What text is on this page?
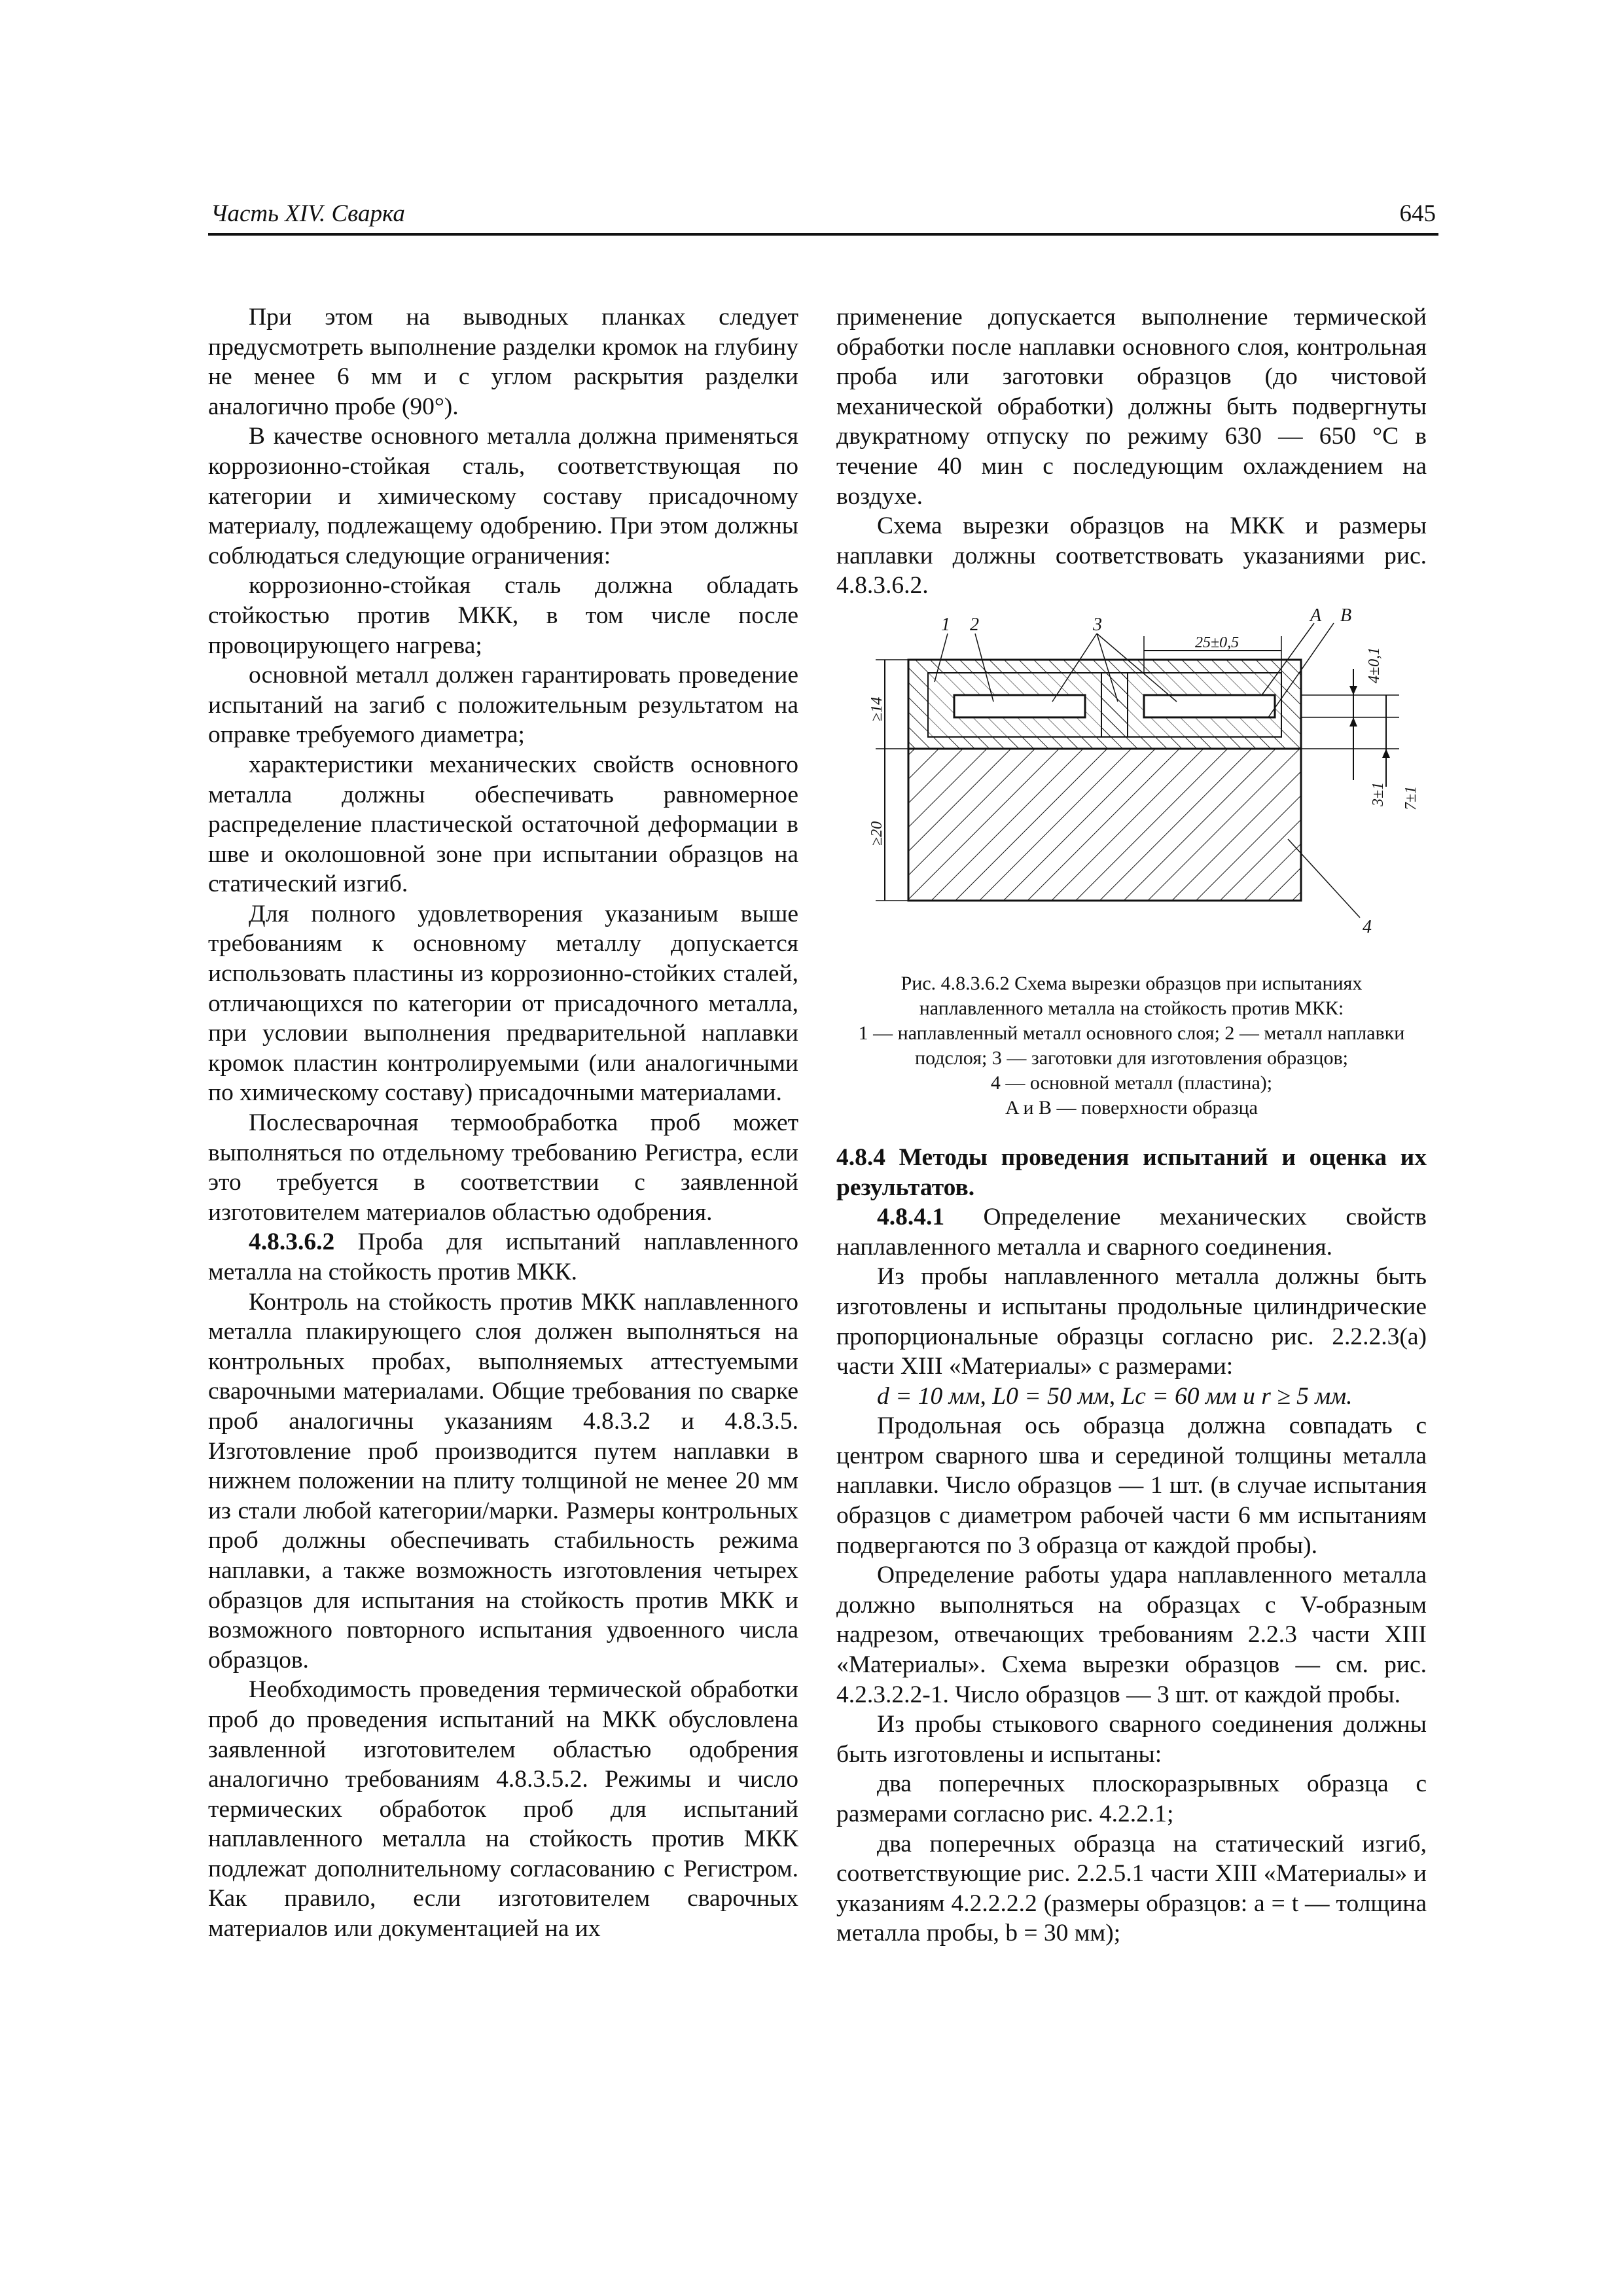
Часть XIV. Сварка	645

При этом на выводных планках следует предусмотреть выполнение разделки кромок на глубину не менее 6 мм и с углом раскрытия разделки аналогично пробе (90°).

В качестве основного металла должна применяться коррозионно-стойкая сталь, соответствующая по категории и химическому составу присадочному материалу, подлежащему одобрению. При этом должны соблюдаться следующие ограничения:

коррозионно-стойкая сталь должна обладать стойкостью против МКК, в том числе после провоцирующего нагрева;

основной металл должен гарантировать проведение испытаний на загиб с положительным результатом на оправке требуемого диаметра;

характеристики механических свойств основного металла должны обеспечивать равномерное распределение пластической остаточной деформации в шве и околошовной зоне при испытании образцов на статический изгиб.

Для полного удовлетворения указаниым выше требованиям к основному металлу допускается использовать пластины из коррозионно-стойких сталей, отличающихся по категории от присадочного металла, при условии выполнения предварительной наплавки кромок пластин контролируемыми (или аналогичными по химическому составу) присадочными материалами.

Послесварочная термообработка проб может выполняться по отдельному требованию Регистра, если это требуется в соответствии с заявленной изготовителем материалов областью одобрения.

4.8.3.6.2 Проба для испытаний наплавленного металла на стойкость против МКК.

Контроль на стойкость против МКК наплавленного металла плакирующего слоя должен выполняться на контрольных пробах, выполняемых аттестуемыми сварочными материалами. Общие требования по сварке проб аналогичны указаниям 4.8.3.2 и 4.8.3.5. Изготовление проб производится путем наплавки в нижнем положении на плиту толщиной не менее 20 мм из стали любой категории/марки. Размеры контрольных проб должны обеспечивать стабильность режима наплавки, а также возможность изготовления четырех образцов для испытания на стойкость против МКК и возможного повторного испытания удвоенного числа образцов.

Необходимость проведения термической обработки проб до проведения испытаний на МКК обусловлена заявленной изготовителем областью одобрения аналогично требованиям 4.8.3.5.2. Режимы и число термических обработок проб для испытаний наплавленного металла на стойкость против МКК подлежат дополнительному согласованию с Регистром. Как правило, если изготовителем сварочных материалов или документацией на их

применение допускается выполнение термической обработки после наплавки основного слоя, контрольная проба или заготовки образцов (до чистовой механической обработки) должны быть подвергнуты двукратному отпуску по режиму 630 — 650 °С в течение 40 мин с последующим охлаждением на воздухе.

Схема вырезки образцов на МКК и размеры наплавки должны соответствовать указаниями рис. 4.8.3.6.2.

1 2	3	A B
4
25±0,5
4±0,1
≥14
≥20
3±1	7±1
Рис. 4.8.3.6.2 Схема вырезки образцов при испытаниях
наплавленного металла на стойкость против МКК:
1 — наплавленный металл основного слоя; 2 — металл наплавки
подслоя; 3 — заготовки для изготовления образцов;
4 — основной металл (пластина);
A и B — поверхности образца

4.8.4 Методы проведения испытаний и оценка их результатов.

4.8.4.1 Определение механических свойств наплавленного металла и сварного соединения.

Из пробы наплавленного металла должны быть изготовлены и испытаны продольные цилиндрические пропорциональные образцы согласно рис. 2.2.2.3(а) части XIII «Материалы» с размерами:

d = 10 мм, L0 = 50 мм, Lc = 60 мм и r ≥ 5 мм.

Продольная ось образца должна совпадать с центром сварного шва и серединой толщины металла наплавки. Число образцов — 1 шт. (в случае испытания образцов с диаметром рабочей части 6 мм испытаниям подвергаются по 3 образца от каждой пробы).

Определение работы удара наплавленного металла должно выполняться на образцах с V-образным надрезом, отвечающих требованиям 2.2.3 части XIII «Материалы». Схема вырезки образцов — см. рис. 4.2.3.2.2-1. Число образцов — 3 шт. от каждой пробы.

Из пробы стыкового сварного соединения должны быть изготовлены и испытаны:

два поперечных плоскоразрывных образца с размерами согласно рис. 4.2.2.1;

два поперечных образца на статический изгиб, соответствующие рис. 2.2.5.1 части XIII «Материалы» и указаниям 4.2.2.2.2 (размеры образцов: a = t — толщина металла пробы, b = 30 мм);
